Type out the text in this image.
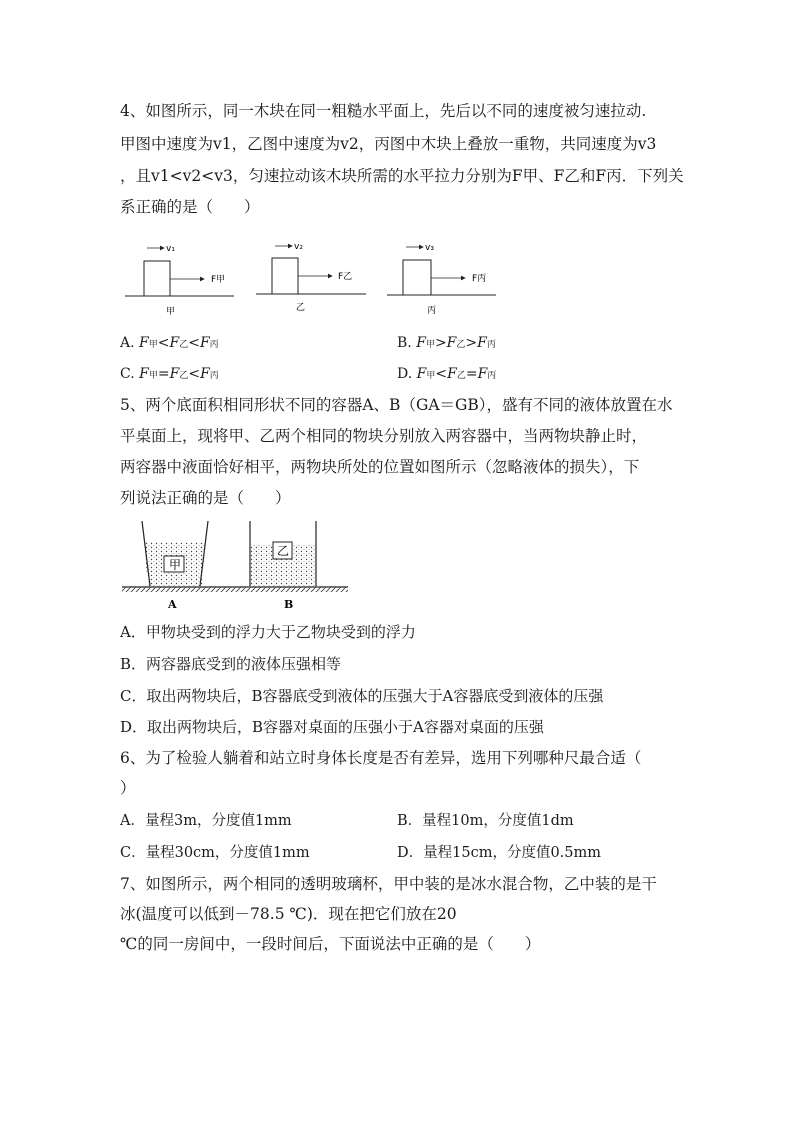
4、如图所示，同一木块在同一粗糙水平面上，先后以不同的速度被匀速拉动.
甲图中速度为v1，乙图中速度为v2，丙图中木块上叠放一重物，共同速度为v3
，且v1<v2<v3，匀速拉动该木块所需的水平拉力分别为F甲、F乙和F丙．下列关
系正确的是（　　）
v₁
F甲
甲
v₂
F乙
乙
v₃
F丙
丙
A. F甲<F乙<F丙	B. F甲>F乙>F丙
C. F甲=F乙<F丙	D. F甲<F乙=F丙
5、两个底面积相同形状不同的容器A、B（GA＝GB），盛有不同的液体放置在水
平桌面上，现将甲、乙两个相同的物块分别放入两容器中，当两物块静止时，
两容器中液面恰好相平，两物块所处的位置如图所示（忽略液体的损失），下
列说法正确的是（　　）
甲
乙
A	B
A．甲物块受到的浮力大于乙物块受到的浮力
B．两容器底受到的液体压强相等
C．取出两物块后，B容器底受到液体的压强大于A容器底受到液体的压强
D．取出两物块后，B容器对桌面的压强小于A容器对桌面的压强
6、为了检验人躺着和站立时身体长度是否有差异，选用下列哪种尺最合适（
）
A．量程3m，分度值1mm	B．量程10m，分度值1dm
C．量程30cm，分度值1mm	D．量程15cm，分度值0.5mm
7、如图所示，两个相同的透明玻璃杯，甲中装的是冰水混合物，乙中装的是干
冰(温度可以低到－78.5 ℃)．现在把它们放在20
℃的同一房间中，一段时间后，下面说法中正确的是（　　）
